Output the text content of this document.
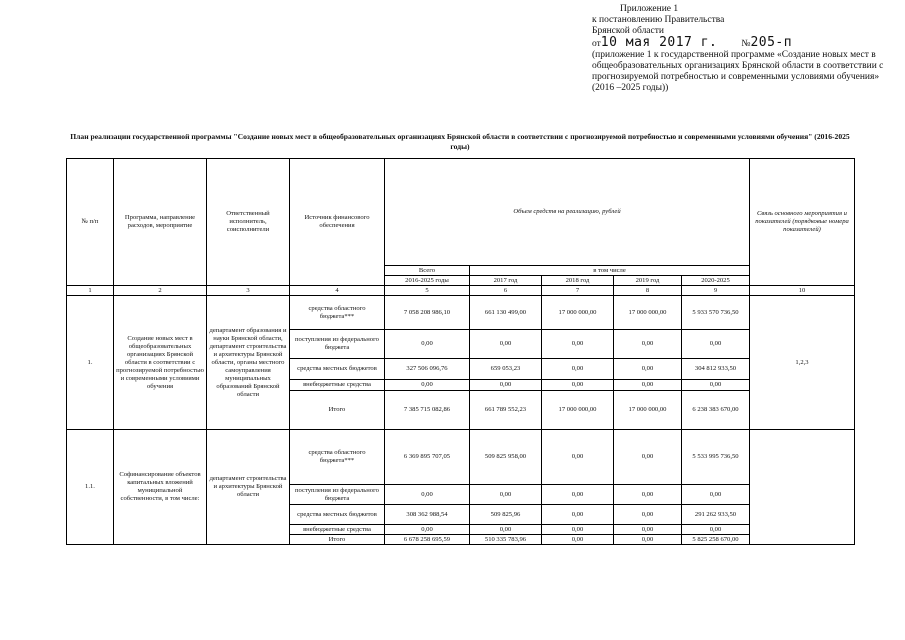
Приложение 1
к постановлению Правительства
Брянской области
от 10 мая 2017 г.	№ 205-п
(приложение 1 к государственной программе «Создание новых мест в общеобразовательных организациях Брянской области в соответствии с прогнозируемой потребностью и современными условиями обучения» (2016 –2025 годы))
План реализации государственной программы "Создание новых мест в общеобразовательных организациях Брянской области в соответствии с прогнозируемой потребностью и современными условиями обучения" (2016-2025 годы)
№ п/п	Программа, направление расходов, мероприятие	Ответственный исполнитель, соисполнители	Источник финансового обеспечения	Объем средств на реализацию, рублей					Связь основного мероприятия и показателей (порядковые номера показателей)
				Всего	в том числе				
				2016-2025 годы	2017 год	2018 год	2019 год	2020-2025	
1	2	3	4	5	6	7	8	9	10
1.	Создание новых мест в общеобразовательных организациях Брянской области в соответствии с прогнозируемой потребностью и современными условиями обучения	департамент образования и науки Брянской области, департамент строительства и архитектуры Брянской области, органы местного самоуправления муниципальных образований Брянской области	средства областного бюджета***	7 058 208 986,10	661 130 499,00	17 000 000,00	17 000 000,00	5 933 570 736,50	1,2,3
			поступления из федерального бюджета	0,00	0,00	0,00	0,00	0,00	
			средства местных бюджетов	327 506 096,76	659 053,23	0,00	0,00	304 812 933,50	
			внебюджетные средства	0,00	0,00	0,00	0,00	0,00	
			Итого	7 385 715 082,86	661 789 552,23	17 000 000,00	17 000 000,00	6 238 383 670,00	
1.1.	Софинансирование объектов капитальных вложений муниципальной собственности, в том числе:	департамент строительства и архитектуры Брянской области	средства областного бюджета***	6 369 895 707,05	509 825 958,00	0,00	0,00	5 533 995 736,50	
			поступления из федерального бюджета	0,00	0,00	0,00	0,00	0,00	
			средства местных бюджетов	308 362 988,54	509 825,96	0,00	0,00	291 262 933,50	
			внебюджетные средства	0,00	0,00	0,00	0,00	0,00	
			Итого	6 678 258 695,59	510 335 783,96	0,00	0,00	5 825 258 670,00	
